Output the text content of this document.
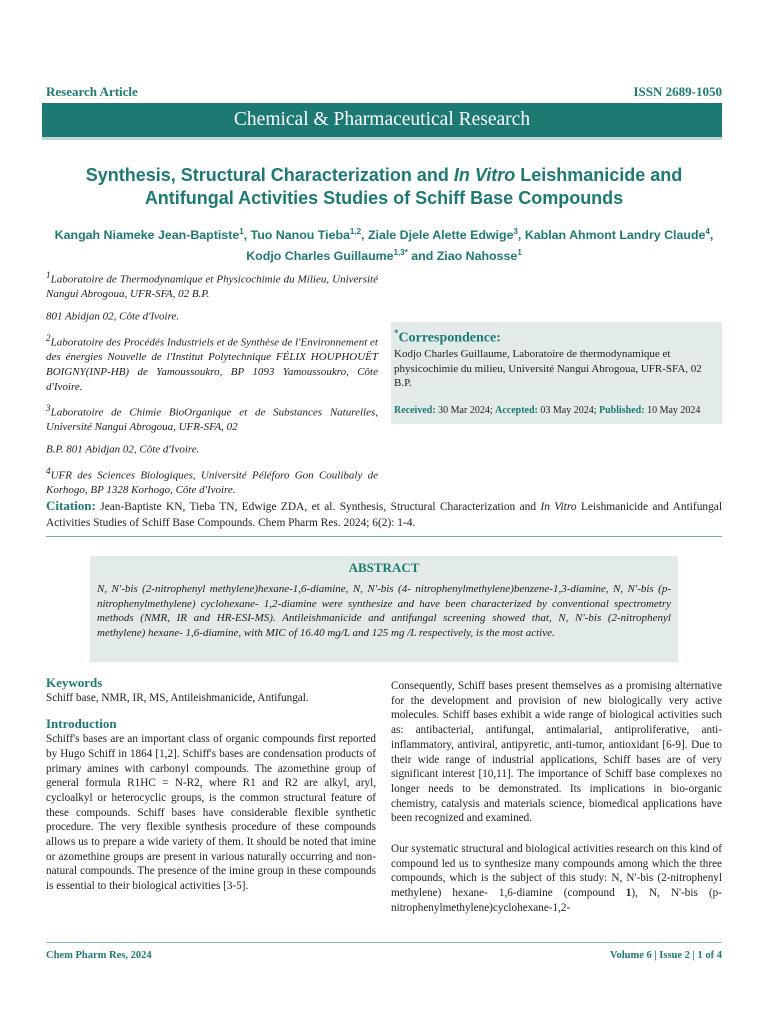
Research Article	ISSN 2689-1050
Chemical & Pharmaceutical Research
Synthesis, Structural Characterization and In Vitro Leishmanicide and Antifungal Activities Studies of Schiff Base Compounds
Kangah Niameke Jean-Baptiste$^1$, Tuo Nanou Tieba$^{1,2}$, Ziale Djele Alette Edwige$^3$, Kablan Ahmont Landry Claude$^4$, Kodjo Charles Guillaume$^{1,3*}$ and Ziao Nahosse$^1$

$^1$Laboratoire de Thermodynamique et Physicochimie du Milieu, Université Nangui Abrogoua, UFR-SFA, 02 B.P.

801 Abidjan 02, Côte d'Ivoire.

$^2$Laboratoire des Procédés Industriels et de Synthèse de l'Environnement et des énergies Nouvelle de l'Institut Polytechnique FÉLIX HOUPHOUËT BOIGNY(INP-HB) de Yamoussoukro, BP 1093 Yamoussoukro, Côte d'Ivoire.

$^3$Laboratoire de Chimie BioOrganique et de Substances Naturelles, Université Nangui Abrogoua, UFR-SFA, 02

B.P. 801 Abidjan 02, Côte d'Ivoire.

$^4$UFR des Sciences Biologiques, Université Péléforo Gon Coulibaly de Korhogo, BP 1328 Korhogo, Côte d'Ivoire.

*Correspondence:
Kodjo Charles Guillaume, Laboratoire de thermodynamique et physicochimie du milieu, Université Nangui Abrogoua, UFR-SFA, 02 B.P.
Received: 30 Mar 2024; Accepted: 03 May 2024; Published: 10 May 2024
Citation: Jean-Baptiste KN, Tieba TN, Edwige ZDA, et al. Synthesis, Structural Characterization and In Vitro Leishmanicide and Antifungal Activities Studies of Schiff Base Compounds. Chem Pharm Res. 2024; 6(2): 1-4.
ABSTRACT
N, N'-bis (2-nitrophenyl methylene)hexane-1,6-diamine, N, N'-bis (4- nitrophenylmethylene)benzene-1,3-diamine, N, N'-bis (p-nitrophenylmethylene) cyclohexane- 1,2-diamine were synthesize and have been characterized by conventional spectrometry methods (NMR, IR and HR-ESI-MS). Antileishmanicide and antifungal screening showed that, N, N'-bis (2-nitrophenyl methylene) hexane- 1,6-diamine, with MIC of 16.40 mg/L and 125 mg /L respectively, is the most active.

Keywords

Schiff base, NMR, IR, MS, Antileishmanicide, Antifungal.

Introduction

Schiff's bases are an important class of organic compounds first reported by Hugo Schiff in 1864 [1,2]. Schiff's bases are condensation products of primary amines with carbonyl compounds. The azomethine group of general formula R1HC = N-R2, where R1 and R2 are alkyl, aryl, cycloalkyl or heterocyclic groups, is the common structural feature of these compounds. Schiff bases have considerable flexible synthetic procedure. The very flexible synthesis procedure of these compounds allows us to prepare a wide variety of them. It should be noted that imine or azomethine groups are present in various naturally occurring and non- natural compounds. The presence of the imine group in these compounds is essential to their biological activities [3-5].

Consequently, Schiff bases present themselves as a promising alternative for the development and provision of new biologically very active molecules. Schiff bases exhibit a wide range of biological activities such as: antibacterial, antifungal, antimalarial, antiproliferative, anti-inflammatory, antiviral, antipyretic, anti-tumor, antioxidant [6-9]. Due to their wide range of industrial applications, Schiff bases are of very significant interest [10,11]. The importance of Schiff base complexes no longer needs to be demonstrated. Its implications in bio-organic chemistry, catalysis and materials science, biomedical applications have been recognized and examined.

Our systematic structural and biological activities research on this kind of compound led us to synthesize many compounds among which the three compounds, which is the subject of this study: N, N'-bis (2-nitrophenyl methylene) hexane- 1,6-diamine (compound 1), N, N'-bis (p- nitrophenylmethylene)cyclohexane-1,2-

Chem Pharm Res, 2024	Volume 6 | Issue 2 | 1 of 4
